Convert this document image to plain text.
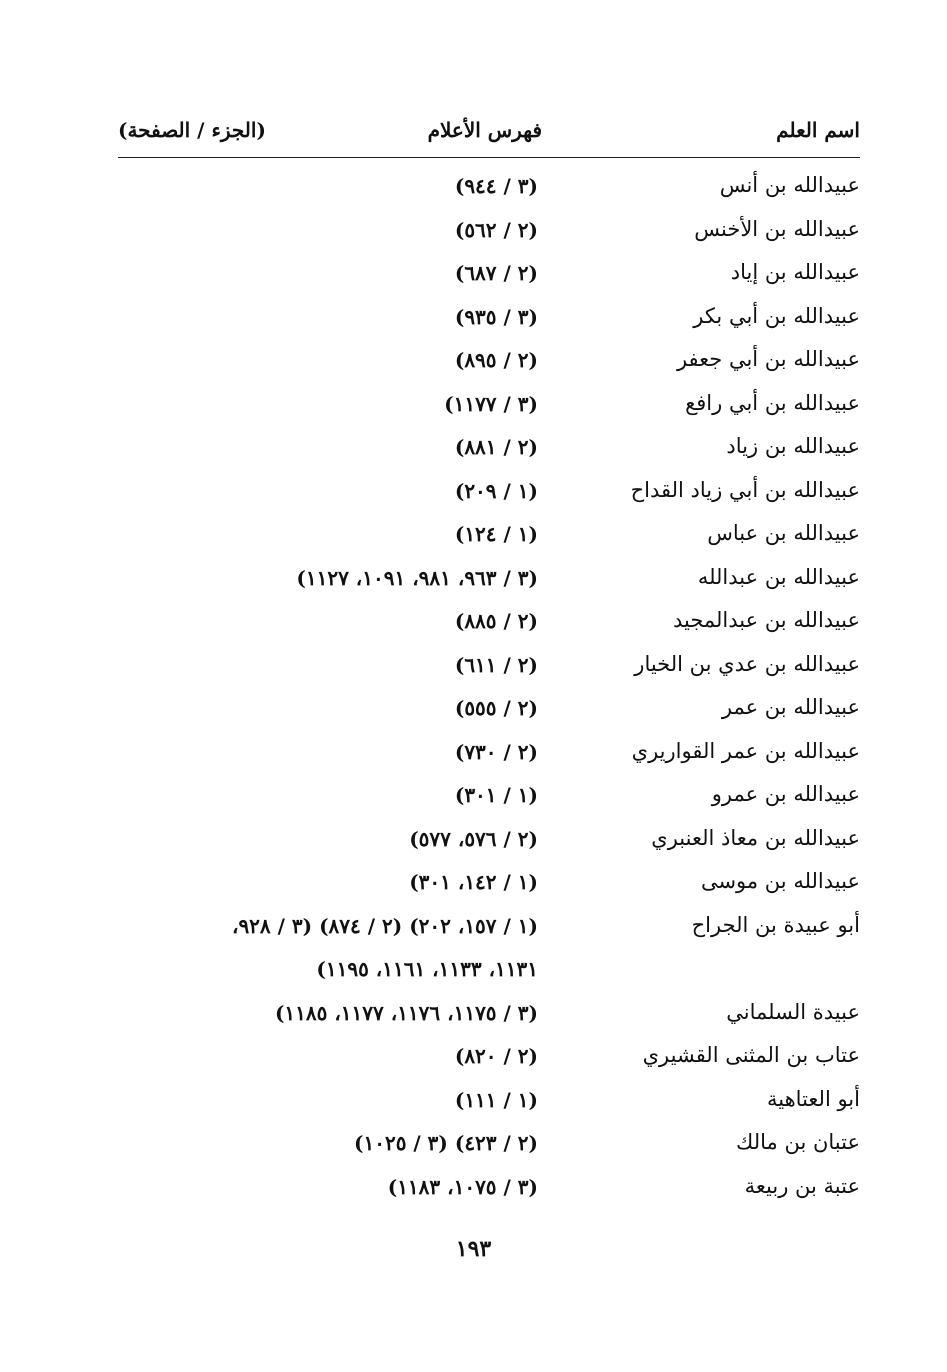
اسم العلم
فهرس الأعلام
(الجزء / الصفحة)
عبيدالله بن أنس
(٣ / ٩٤٤)
عبيدالله بن الأخنس
(٢ / ٥٦٢)
عبيدالله بن إياد
(٢ / ٦٨٧)
عبيدالله بن أبي بكر
(٣ / ٩٣٥)
عبيدالله بن أبي جعفر
(٢ / ٨٩٥)
عبيدالله بن أبي رافع
(٣ / ١١٧٧)
عبيدالله بن زياد
(٢ / ٨٨١)
عبيدالله بن أبي زياد القداح
(١ / ٢٠٩)
عبيدالله بن عباس
(١ / ١٢٤)
عبيدالله بن عبدالله
(٣ / ٩٦٣، ٩٨١، ١٠٩١، ١١٢٧)
عبيدالله بن عبدالمجيد
(٢ / ٨٨٥)
عبيدالله بن عدي بن الخيار
(٢ / ٦١١)
عبيدالله بن عمر
(٢ / ٥٥٥)
عبيدالله بن عمر القواريري
(٢ / ٧٣٠)
عبيدالله بن عمرو
(١ / ٣٠١)
عبيدالله بن معاذ العنبري
(٢ / ٥٧٦، ٥٧٧)
عبيدالله بن موسى
(١ / ١٤٢، ٣٠١)
أبو عبيدة بن الجراح
(١ / ١٥٧، ٢٠٢) (٢ / ٨٧٤) (٣ / ٩٢٨،
١١٣١، ١١٣٣، ١١٦١، ١١٩٥)
عبيدة السلماني
(٣ / ١١٧٥، ١١٧٦، ١١٧٧، ١١٨٥)
عتاب بن المثنى القشيري
(٢ / ٨٢٠)
أبو العتاهية
(١ / ١١١)
عتبان بن مالك
(٢ / ٤٢٣) (٣ / ١٠٢٥)
عتبة بن ربيعة
(٣ / ١٠٧٥، ١١٨٣)
١٩٣
